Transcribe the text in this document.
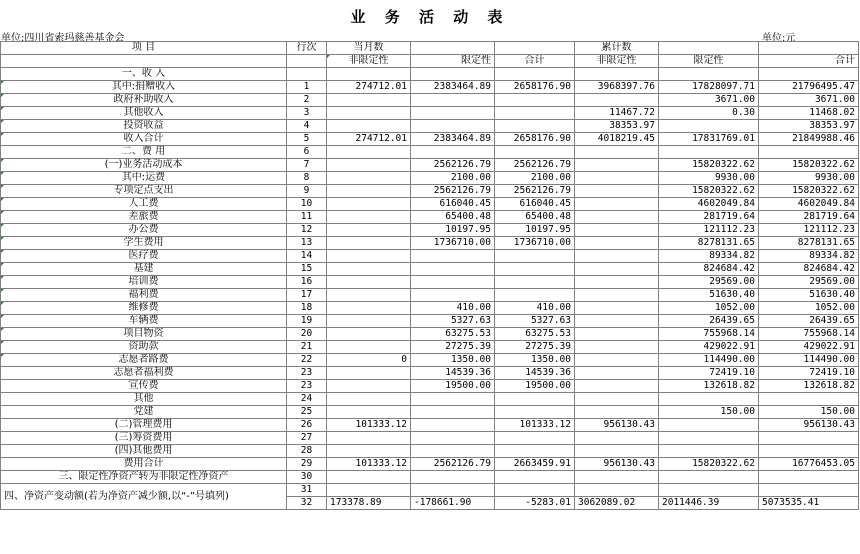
业 务 活 动 表
单位:四川省索玛慈善基金会	单位:元
项 目	行次	当月数			累计数		
		非限定性	限定性	合计	非限定性	限定性	合计
一、收 入							
其中:捐赠收入	1	274712.01	2383464.89	2658176.90	3968397.76	17828097.71	21796495.47
政府补助收入	2					3671.00	3671.00
其他收入	3				11467.72	0.30	11468.02
投资收益	4				38353.97		38353.97
收入合计	5	274712.01	2383464.89	2658176.90	4018219.45	17831769.01	21849988.46
二、费 用	6						
(一)业务活动成本	7		2562126.79	2562126.79		15820322.62	15820322.62
其中:运费	8		2100.00	2100.00		9930.00	9930.00
专项定点支出	9		2562126.79	2562126.79		15820322.62	15820322.62
人工费	10		616040.45	616040.45		4602049.84	4602049.84
差旅费	11		65400.48	65400.48		281719.64	281719.64
办公费	12		10197.95	10197.95		121112.23	121112.23
学生费用	13		1736710.00	1736710.00		8278131.65	8278131.65
医疗费	14					89334.82	89334.82
基建	15					824684.42	824684.42
培训费	16					29569.00	29569.00
福利费	17					51630.40	51630.40
维修费	18		410.00	410.00		1052.00	1052.00
车辆费	19		5327.63	5327.63		26439.65	26439.65
项目物资	20		63275.53	63275.53		755968.14	755968.14
资助款	21		27275.39	27275.39		429022.91	429022.91
志愿者路费	22	0	1350.00	1350.00		114490.00	114490.00
志愿者福利费	23		14539.36	14539.36		72419.10	72419.10
宣传费	23		19500.00	19500.00		132618.82	132618.82
其他	24						
党建	25					150.00	150.00
(二)管理费用	26	101333.12		101333.12	956130.43		956130.43
(三)筹资费用	27						
(四)其他费用	28						
费用合计	29	101333.12	2562126.79	2663459.91	956130.43	15820322.62	16776453.05
三、限定性净资产转为非限定性净资产	30						
四、净资产变动额(若为净资产减少额,以“-”号填列)	31						
	32	173378.89	-178661.90	-5283.01	3062089.02	2011446.39	5073535.41
